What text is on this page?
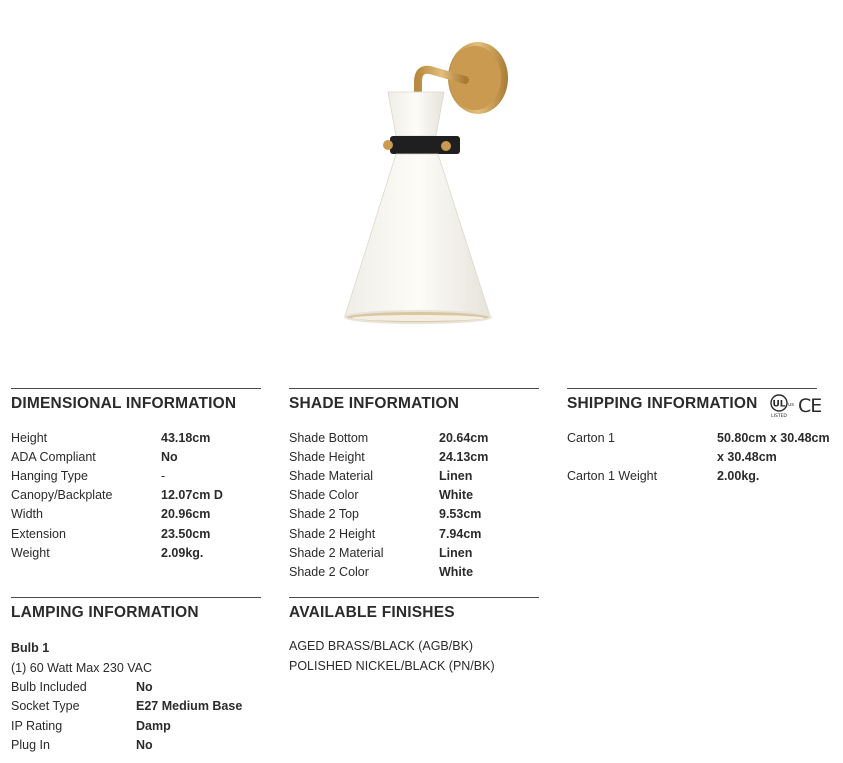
DIMENSIONAL INFORMATION
Height	43.18cm
ADA Compliant	No
Hanging Type	-
Canopy/Backplate	12.07cm D
Width	20.96cm
Extension	23.50cm
Weight	2.09kg.
SHADE INFORMATION
Shade Bottom	20.64cm
Shade Height	24.13cm
Shade Material	Linen
Shade Color	White
Shade 2 Top	9.53cm
Shade 2 Height	7.94cm
Shade 2 Material	Linen
Shade 2 Color	White
SHIPPING INFORMATION UL
LISTED
us CE
Carton 1	50.80cm x 30.48cm
x 30.48cm
Carton 1 Weight	2.00kg.
LAMPING INFORMATION
Bulb 1
(1) 60 Watt Max 230 VAC
Bulb Included	No
Socket Type	E27 Medium Base
IP Rating	Damp
Plug In	No
AVAILABLE FINISHES
AGED BRASS/BLACK (AGB/BK)
POLISHED NICKEL/BLACK (PN/BK)
